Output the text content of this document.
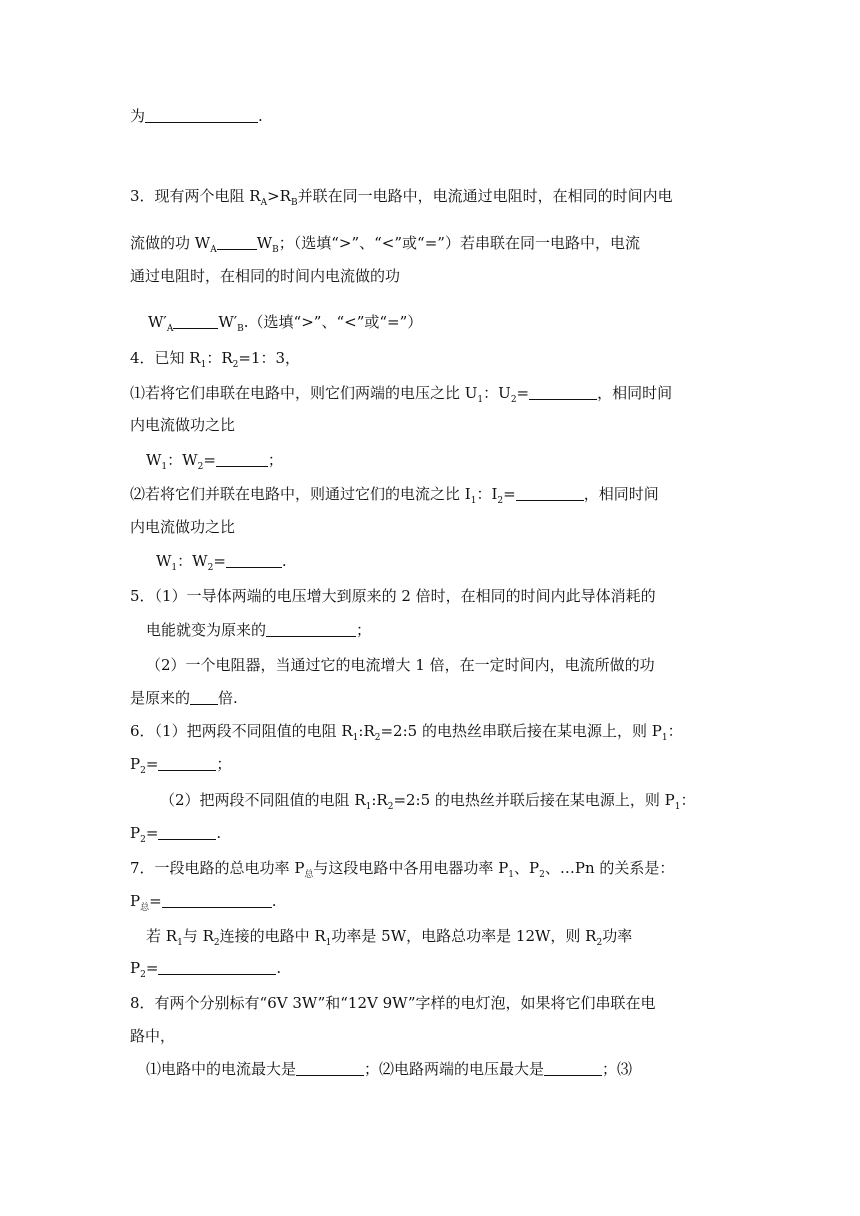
为	.
3．现有两个电阻 $R_A>R_B$并联在同一电路中，电流通过电阻时，在相同的时间内电
流做的功 $W_A$	$W_B$；（选填“>”、“<”或“=”）若串联在同一电路中，电流
通过电阻时，在相同的时间内电流做的功
$W'_A$	$W'_B$.（选填“>”、“<”或“=”）
4．已知 $R_1$：$R_2=1$：3，
⑴若将它们串联在电路中，则它们两端的电压之比 $U_1$：$U_2=$	，相同时间
内电流做功之比
$W_1$：$W_2=$	；
⑵若将它们并联在电路中，则通过它们的电流之比 $I_1$：$I_2=$	，相同时间
内电流做功之比
$W_1$：$W_2=$	.
5．（1）一导体两端的电压增大到原来的 2 倍时，在相同的时间内此导体消耗的
电能就变为原来的	；
（2）一个电阻器，当通过它的电流增大 1 倍，在一定时间内，电流所做的功
是原来的 倍.
6．（1）把两段不同阻值的电阻 $R_1:R_2=2:5$ 的电热丝串联后接在某电源上，则 $P_1$：
$P_2=$	；
（2）把两段不同阻值的电阻 $R_1:R_2=2:5$ 的电热丝并联后接在某电源上，则 $P_1$：
$P_2=$	.
7．一段电路的总电功率 $P_总$与这段电路中各用电器功率 $P_1$、$P_2$、…Pn 的关系是：
$P_总=$	.
若 $R_1$与 $R_2$连接的电路中 $R_1$功率是 5W，电路总功率是 12W，则 $R_2$功率
$P_2=$	.
8．有两个分别标有“6V 3W”和“12V 9W”字样的电灯泡，如果将它们串联在电
路中，
⑴电路中的电流最大是	；⑵电路两端的电压最大是	；⑶
